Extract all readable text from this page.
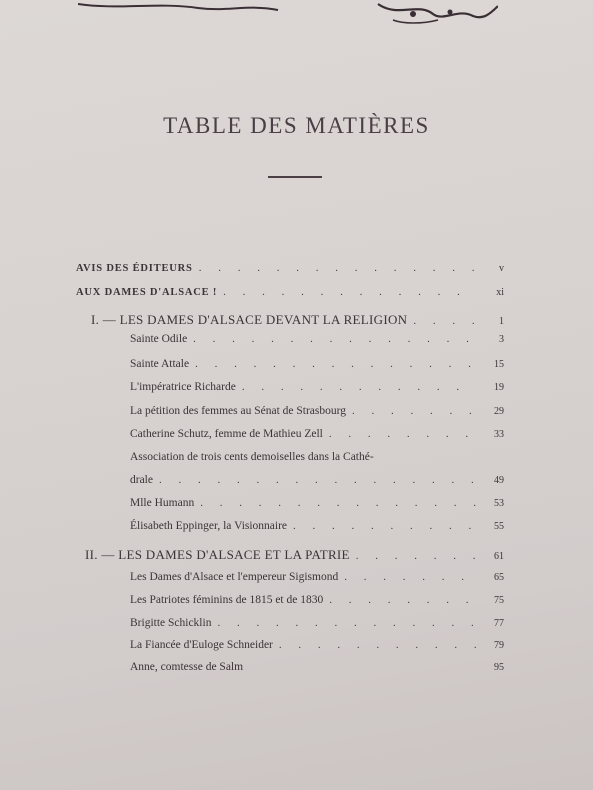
TABLE DES MATIÈRES
AVIS DES ÉDITEURS . . .	v
AUX DAMES D'ALSACE ! . . .	xi
I. — LES DAMES D'ALSACE DEVANT LA RELIGION . . .	1
Sainte Odile . . .	3
Sainte Attale . . .	15
L'impératrice Richarde . . .	19
La pétition des femmes au Sénat de Strasbourg . . .	29
Catherine Schutz, femme de Mathieu Zell . . .	33
Association de trois cents demoiselles dans la Cathé-
drale . . .	49
Mlle Humann . . .	53
Élisabeth Eppinger, la Visionnaire . . .	55
II. — LES DAMES D'ALSACE ET LA PATRIE . . .	61
Les Dames d'Alsace et l'empereur Sigismond . . .	65
Les Patriotes féminins de 1815 et de 1830 . . .	75
Brigitte Schicklin . . .	77
La Fiancée d'Euloge Schneider . . .	79
Anne, comtesse de Salm	95
